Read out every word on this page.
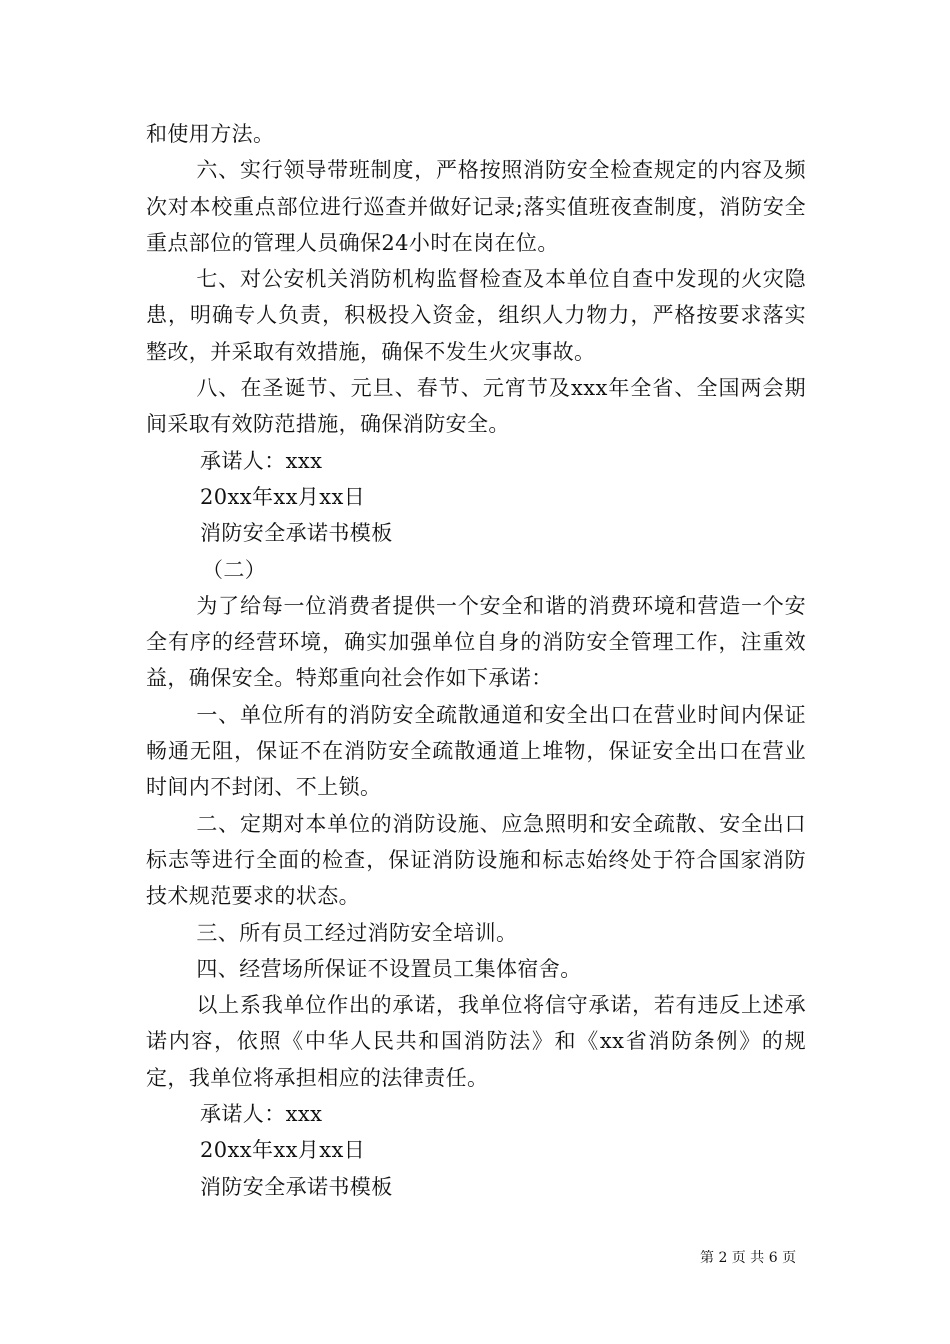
和使用方法。

六、实行领导带班制度，严格按照消防安全检查规定的内容及频次对本校重点部位进行巡查并做好记录;落实值班夜查制度，消防安全重点部位的管理人员确保24小时在岗在位。

七、对公安机关消防机构监督检查及本单位自查中发现的火灾隐患，明确专人负责，积极投入资金，组织人力物力，严格按要求落实整改，并采取有效措施，确保不发生火灾事故。

八、在圣诞节、元旦、春节、元宵节及xxx年全省、全国两会期间采取有效防范措施，确保消防安全。

承诺人：xxx

20xx年xx月xx日

消防安全承诺书模板

（二）

为了给每一位消费者提供一个安全和谐的消费环境和营造一个安全有序的经营环境，确实加强单位自身的消防安全管理工作，注重效益，确保安全。特郑重向社会作如下承诺：

一、单位所有的消防安全疏散通道和安全出口在营业时间内保证畅通无阻，保证不在消防安全疏散通道上堆物，保证安全出口在营业时间内不封闭、不上锁。

二、定期对本单位的消防设施、应急照明和安全疏散、安全出口标志等进行全面的检查，保证消防设施和标志始终处于符合国家消防技术规范要求的状态。

三、所有员工经过消防安全培训。

四、经营场所保证不设置员工集体宿舍。

以上系我单位作出的承诺，我单位将信守承诺，若有违反上述承诺内容，依照《中华人民共和国消防法》和《xx省消防条例》的规定，我单位将承担相应的法律责任。

承诺人：xxx

20xx年xx月xx日

消防安全承诺书模板

第 2 页 共 6 页
